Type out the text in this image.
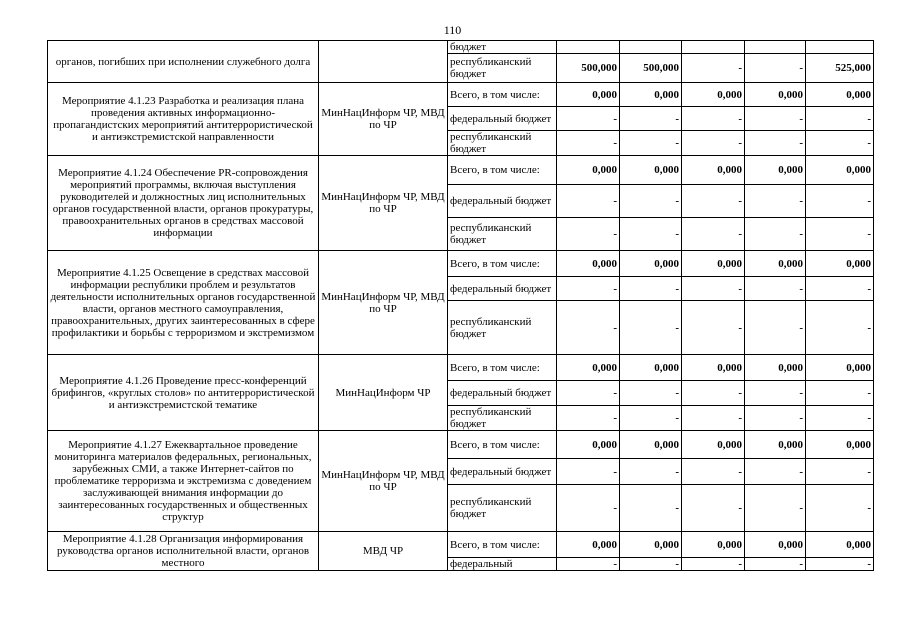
110
органов, погибших при исполнении служебного долга		бюджет					
		республиканский бюджет	500,000	500,000	-	-	525,000
Мероприятие 4.1.23 Разработка и реализация плана проведения активных информационно-пропагандистских мероприятий антитеррористической и антиэкстремистской направленности	МинНацИнформ ЧР, МВД по ЧР	Всего, в том числе:	0,000	0,000	0,000	0,000	0,000
		федеральный бюджет	-	-	-	-	-
		республиканский бюджет	-	-	-	-	-
Мероприятие 4.1.24 Обеспечение PR-сопровождения мероприятий программы, включая выступления руководителей и должностных лиц исполнительных органов государственной власти, органов прокуратуры, правоохранительных органов в средствах массовой информации	МинНацИнформ ЧР, МВД по ЧР	Всего, в том числе:	0,000	0,000	0,000	0,000	0,000
		федеральный бюджет	-	-	-	-	-
		республиканский бюджет	-	-	-	-	-
Мероприятие 4.1.25 Освещение в средствах массовой информации республики проблем и результатов деятельности исполнительных органов государственной власти, органов местного самоуправления, правоохранительных, других заинтересованных в сфере профилактики и борьбы с терроризмом и экстремизмом	МинНацИнформ ЧР, МВД по ЧР	Всего, в том числе:	0,000	0,000	0,000	0,000	0,000
		федеральный бюджет	-	-	-	-	-
		республиканский бюджет	-	-	-	-	-
Мероприятие 4.1.26 Проведение пресс-конференций брифингов, «круглых столов» по антитеррористической и антиэкстремистской тематике	МинНацИнформ ЧР	Всего, в том числе:	0,000	0,000	0,000	0,000	0,000
		федеральный бюджет	-	-	-	-	-
		республиканский бюджет	-	-	-	-	-
Мероприятие 4.1.27 Ежеквартальное проведение мониторинга материалов федеральных, региональных, зарубежных СМИ, а также Интернет-сайтов по проблематике терроризма и экстремизма с доведением заслуживающей внимания информации до заинтересованных государственных и общественных структур	МинНацИнформ ЧР, МВД по ЧР	Всего, в том числе:	0,000	0,000	0,000	0,000	0,000
		федеральный бюджет	-	-	-	-	-
		республиканский бюджет	-	-	-	-	-
Мероприятие 4.1.28 Организация информирования руководства органов исполнительной власти, органов местного	МВД ЧР	Всего, в том числе:	0,000	0,000	0,000	0,000	0,000
		федеральный	-	-	-	-	-
